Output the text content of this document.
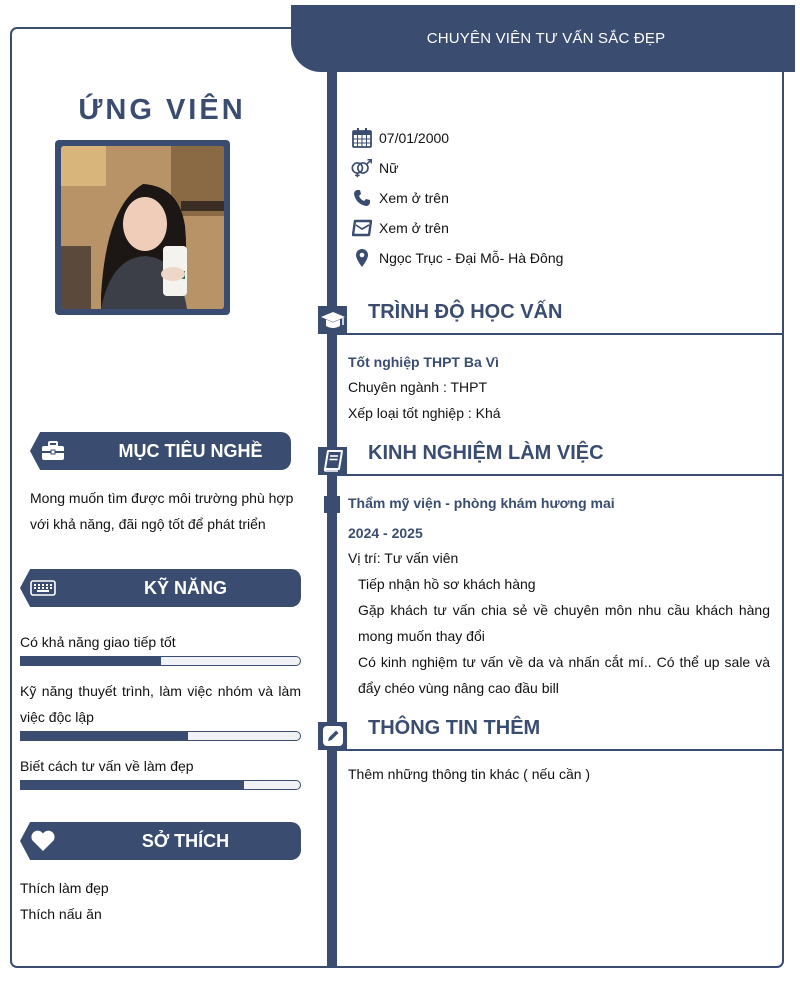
CHUYÊN VIÊN TƯ VẤN SẮC ĐẸP
ỨNG VIÊN
MỤC TIÊU NGHỀ
Mong muốn tìm được môi trường phù hợp
với khả năng, đãi ngộ tốt để phát triển
KỸ NĂNG
Có khả năng giao tiếp tốt
Kỹ năng thuyết trình, làm việc nhóm và làm việc độc lập
Biết cách tư vấn về làm đẹp
SỞ THÍCH
Thích làm đẹp
Thích nấu ăn
07/01/2000
Nữ
Xem ở trên
Xem ở trên
Ngọc Trục - Đại Mỗ- Hà Đông
TRÌNH ĐỘ HỌC VẤN
Tốt nghiệp THPT Ba Vì
Chuyên ngành : THPT
Xếp loại tốt nghiệp : Khá
KINH NGHIỆM LÀM VIỆC
Thẩm mỹ viện - phòng khám hương mai
2024 - 2025
Vị trí: Tư vấn viên
Tiếp nhận hồ sơ khách hàng
Gặp khách tư vấn chia sẻ về chuyên môn nhu cầu khách hàng mong muốn thay đổi
Có kinh nghiệm tư vấn về da và nhấn cắt mí.. Có thể up sale và đẩy chéo vùng nâng cao đầu bill
THÔNG TIN THÊM
Thêm những thông tin khác ( nếu cần )
